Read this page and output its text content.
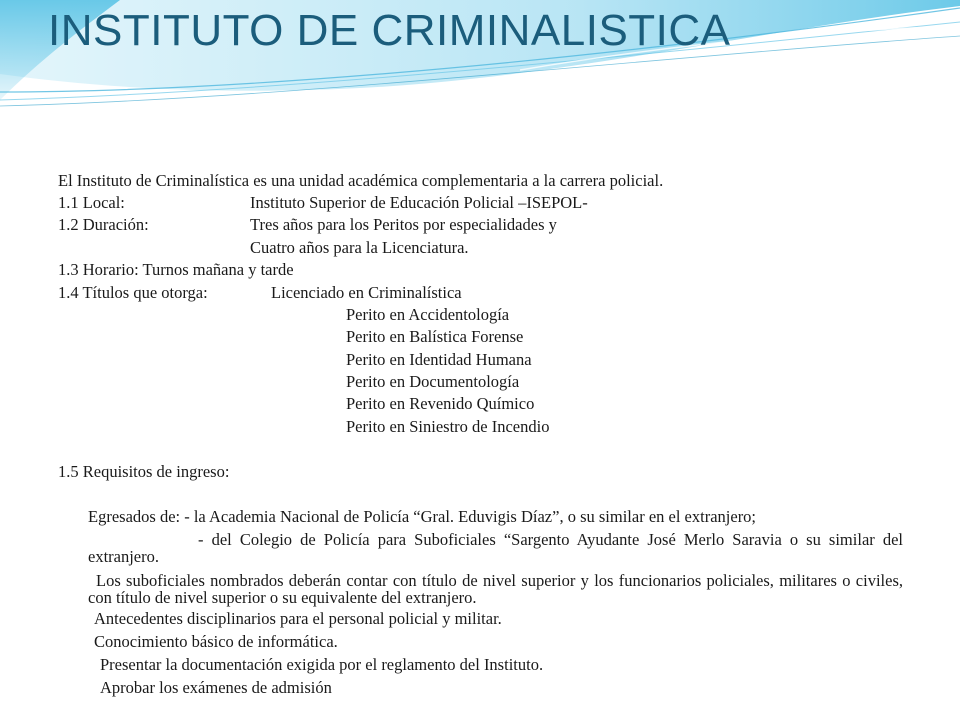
INSTITUTO DE CRIMINALISTICA
El Instituto de Criminalística es una unidad académica complementaria a la carrera policial.
1.1 Local:	Instituto Superior de Educación Policial –ISEPOL-
1.2 Duración:	Tres años para los Peritos por especialidades y
Cuatro años para la Licenciatura.
1.3 Horario: Turnos mañana y tarde
1.4 Títulos que otorga:	Licenciado en Criminalística
Perito en Accidentología
Perito en Balística Forense
Perito en Identidad Humana
Perito en Documentología
Perito en Revenido Químico
Perito en Siniestro de Incendio
1.5 Requisitos de ingreso:
Egresados de: - la Academia Nacional de Policía “Gral. Eduvigis Díaz”, o su similar en el extranjero;
- del Colegio de Policía para Suboficiales “Sargento Ayudante José Merlo Saravia o su similar del extranjero.
Los suboficiales nombrados deberán contar con título de nivel superior y los funcionarios policiales, militares o civiles, con título de nivel superior o su equivalente del extranjero.
Antecedentes disciplinarios para el personal policial y militar.
Conocimiento básico de informática.
Presentar la documentación exigida por el reglamento del Instituto.
Aprobar los exámenes de admisión
